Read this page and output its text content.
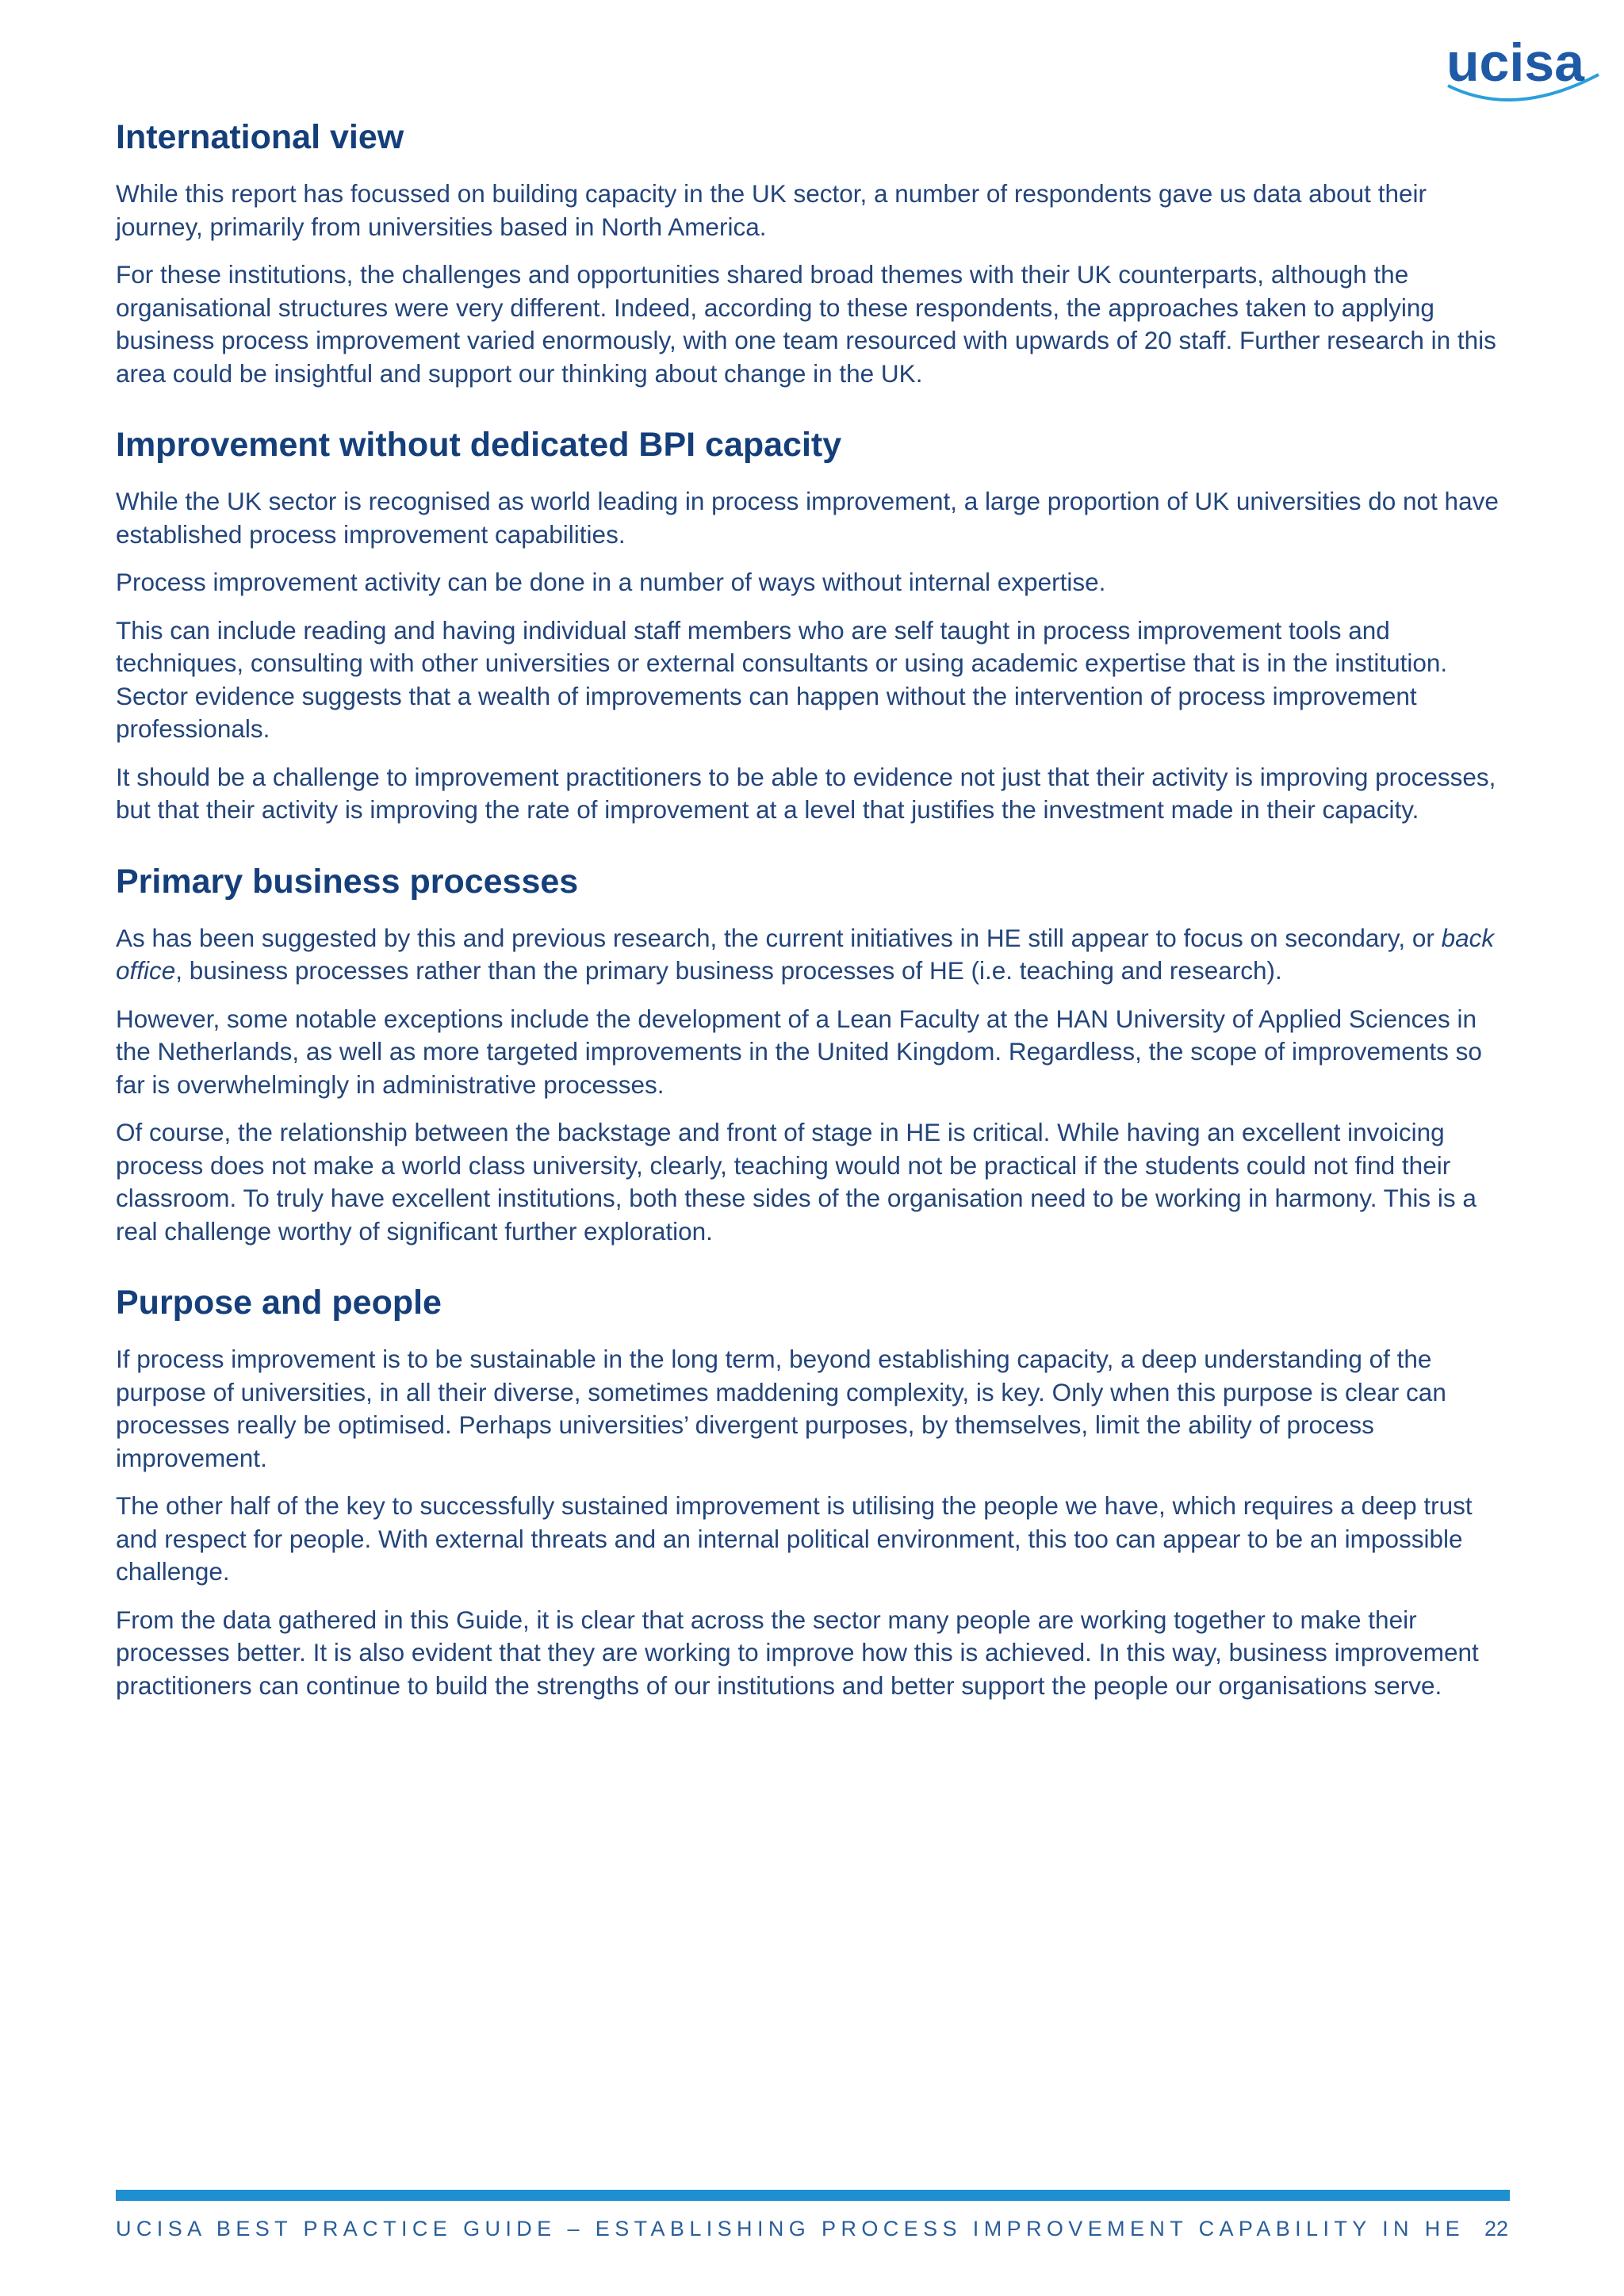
ucisa
International view

While this report has focussed on building capacity in the UK sector, a number of respondents gave us data about their journey, primarily from universities based in North America.

For these institutions, the challenges and opportunities shared broad themes with their UK counterparts, although the organisational structures were very different. Indeed, according to these respondents, the approaches taken to applying business process improvement varied enormously, with one team resourced with upwards of 20 staff. Further research in this area could be insightful and support our thinking about change in the UK.

Improvement without dedicated BPI capacity

While the UK sector is recognised as world leading in process improvement, a large proportion of UK universities do not have established process improvement capabilities.

Process improvement activity can be done in a number of ways without internal expertise.

This can include reading and having individual staff members who are self taught in process improvement tools and techniques, consulting with other universities or external consultants or using academic expertise that is in the institution. Sector evidence suggests that a wealth of improvements can happen without the intervention of process improvement professionals.

It should be a challenge to improvement practitioners to be able to evidence not just that their activity is improving processes, but that their activity is improving the rate of improvement at a level that justifies the investment made in their capacity.

Primary business processes

As has been suggested by this and previous research, the current initiatives in HE still appear to focus on secondary, or back office, business processes rather than the primary business processes of HE (i.e. teaching and research).

However, some notable exceptions include the development of a Lean Faculty at the HAN University of Applied Sciences in the Netherlands, as well as more targeted improvements in the United Kingdom. Regardless, the scope of improvements so far is overwhelmingly in administrative processes.

Of course, the relationship between the backstage and front of stage in HE is critical. While having an excellent invoicing process does not make a world class university, clearly, teaching would not be practical if the students could not find their classroom. To truly have excellent institutions, both these sides of the organisation need to be working in harmony. This is a real challenge worthy of significant further exploration.

Purpose and people

If process improvement is to be sustainable in the long term, beyond establishing capacity, a deep understanding of the purpose of universities, in all their diverse, sometimes maddening complexity, is key. Only when this purpose is clear can processes really be optimised. Perhaps universities’ divergent purposes, by themselves, limit the ability of process improvement.

The other half of the key to successfully sustained improvement is utilising the people we have, which requires a deep trust and respect for people. With external threats and an internal political environment, this too can appear to be an impossible challenge.

From the data gathered in this Guide, it is clear that across the sector many people are working together to make their processes better. It is also evident that they are working to improve how this is achieved. In this way, business improvement practitioners can continue to build the strengths of our institutions and better support the people our organisations serve.

UCISA BEST PRACTICE GUIDE – ESTABLISHING PROCESS IMPROVEMENT CAPABILITY IN HE 22
